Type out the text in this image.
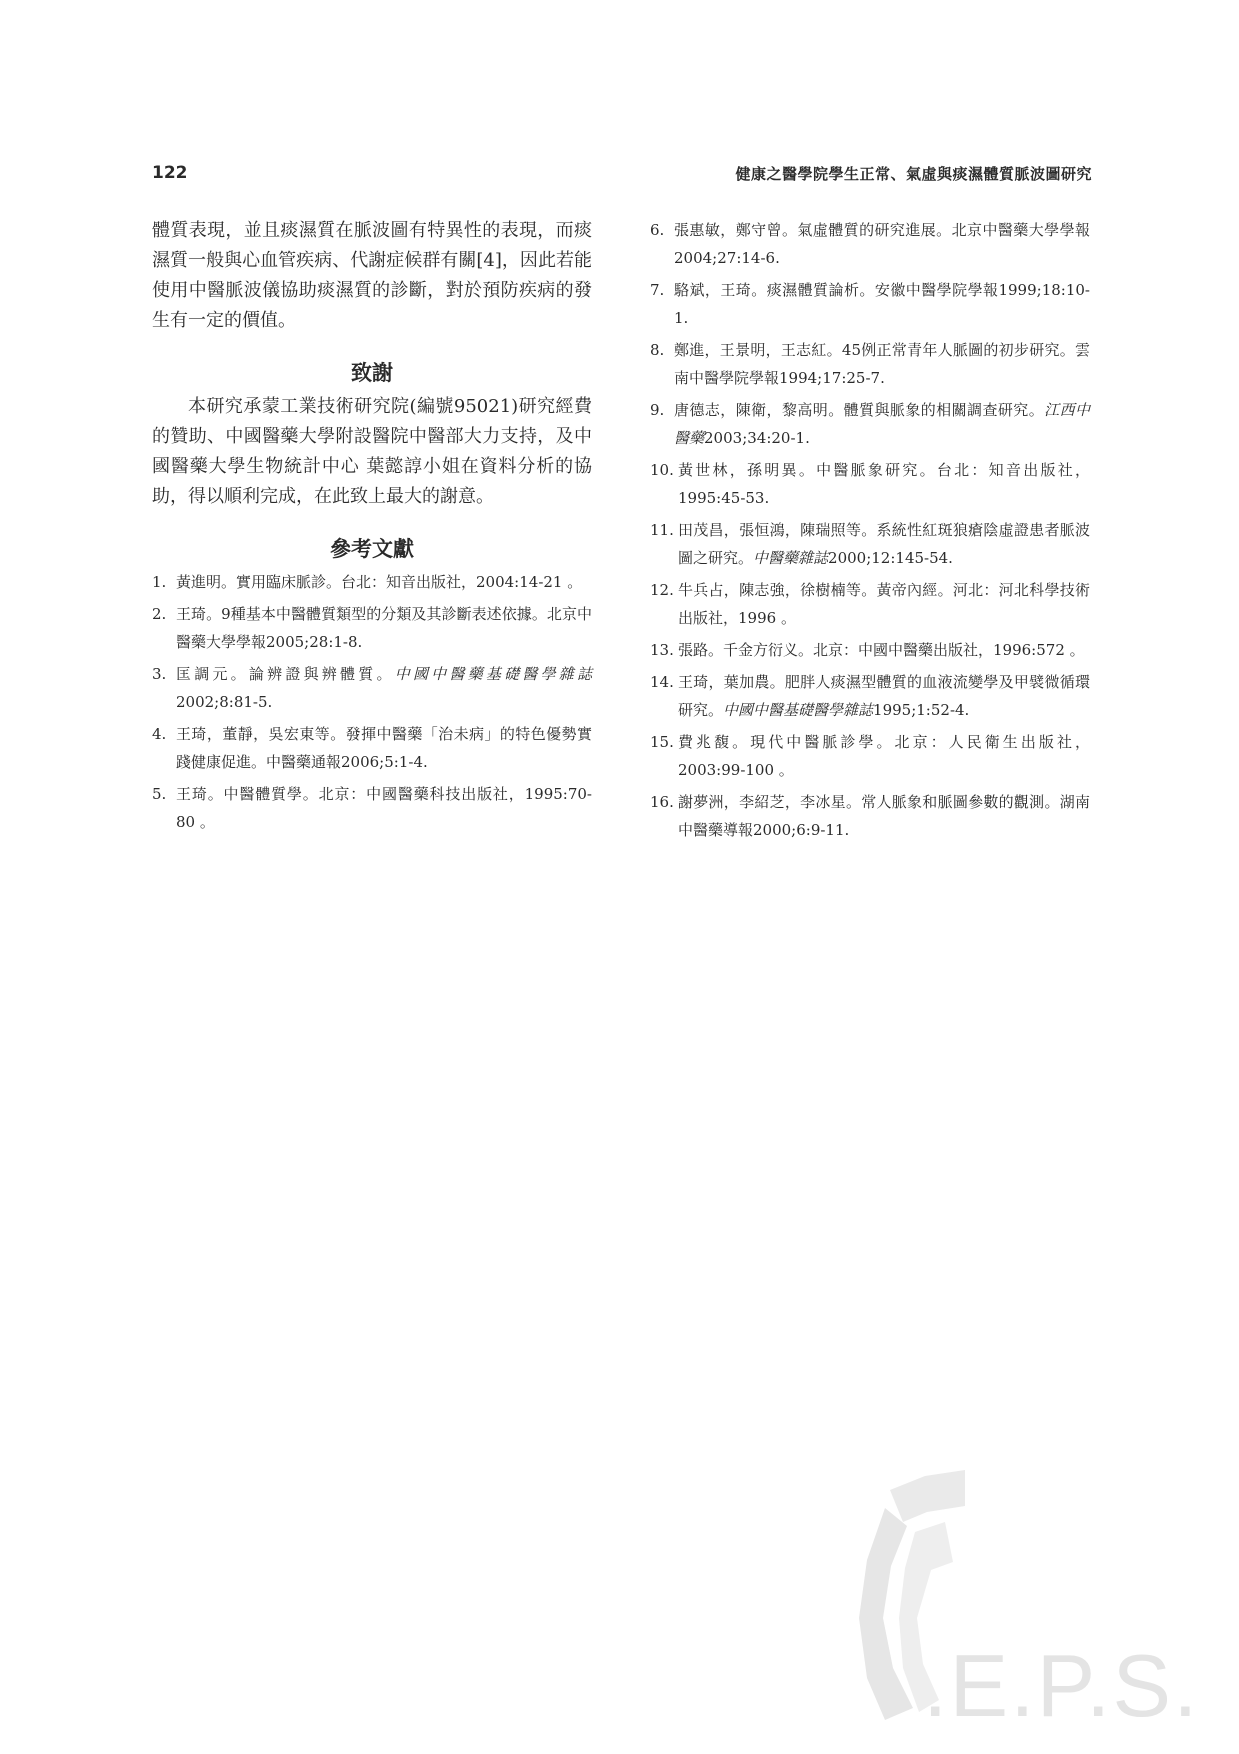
122	健康之醫學院學生正常、氣虛與痰濕體質脈波圖研究

體質表現，並且痰濕質在脈波圖有特異性的表現，而痰濕質一般與心血管疾病、代謝症候群有關[4]，因此若能使用中醫脈波儀協助痰濕質的診斷，對於預防疾病的發生有一定的價值。

致謝

本研究承蒙工業技術研究院(編號95021)研究經費的贊助、中國醫藥大學附設醫院中醫部大力支持，及中國醫藥大學生物統計中心 葉懿諄小姐在資料分析的協助，得以順利完成，在此致上最大的謝意。

參考文獻
1. 黃進明。實用臨床脈診。台北：知音出版社，2004:14-21 。
2. 王琦。9種基本中醫體質類型的分類及其診斷表述依據。北京中醫藥大學學報2005;28:1-8.
3. 匡調元。論辨證與辨體質。中國中醫藥基礎醫學雜誌2002;8:81-5.
4. 王琦，董靜，吳宏東等。發揮中醫藥「治未病」的特色優勢實踐健康促進。中醫藥通報2006;5:1-4.
5. 王琦。中醫體質學。北京：中國醫藥科技出版社，1995:70-80 。
6. 張惠敏，鄭守曾。氣虛體質的研究進展。北京中醫藥大學學報2004;27:14-6.
7. 駱斌，王琦。痰濕體質論析。安徽中醫學院學報1999;18:10-1.
8. 鄭進，王景明，王志紅。45例正常青年人脈圖的初步研究。雲南中醫學院學報1994;17:25-7.
9. 唐德志，陳衛，黎高明。體質與脈象的相關調查研究。江西中醫藥2003;34:20-1.
10. 黃世林，孫明異。中醫脈象研究。台北：知音出版社，1995:45-53.
11. 田茂昌，張恒鴻，陳瑞照等。系統性紅斑狼瘡陰虛證患者脈波圖之研究。中醫藥雜誌2000;12:145-54.
12. 牛兵占，陳志強，徐樹楠等。黃帝內經。河北：河北科學技術出版社，1996 。
13. 張路。千金方衍义。北京：中國中醫藥出版社，1996:572 。
14. 王琦，葉加農。肥胖人痰濕型體質的血液流變學及甲襞微循環研究。中國中醫基礎醫學雜誌1995;1:52-4.
15. 費兆馥。現代中醫脈診學。北京：人民衛生出版社，2003:99-100 。
16. 謝夢洲，李紹芝，李冰星。常人脈象和脈圖參數的觀測。湖南中醫藥導報2000;6:9-11.
.E.P.S.
